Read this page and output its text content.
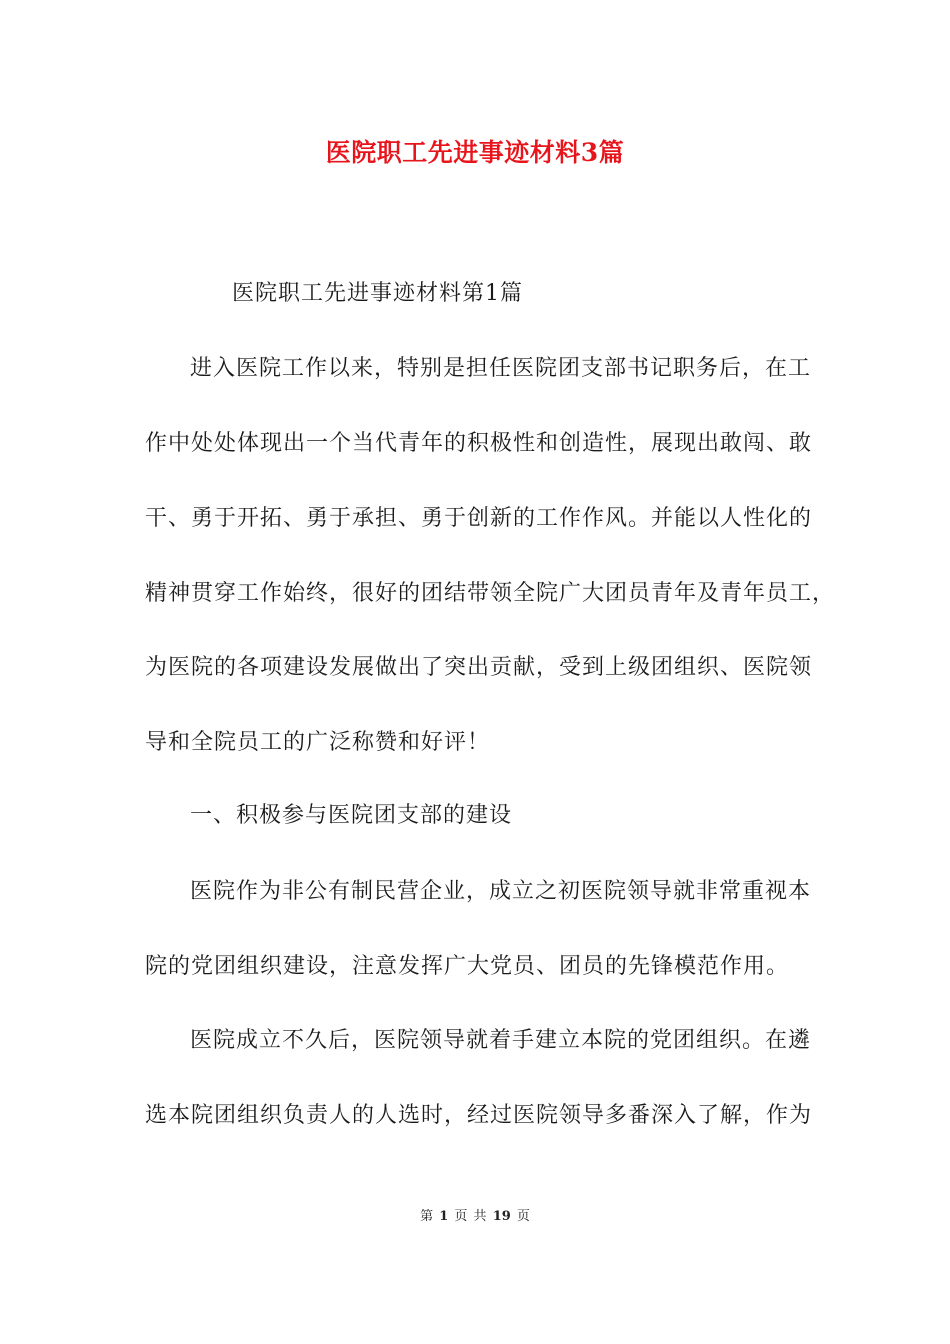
医院职工先进事迹材料3篇
医院职工先进事迹材料第1篇
进入医院工作以来，特别是担任医院团支部书记职务后，在工
作中处处体现出一个当代青年的积极性和创造性，展现出敢闯、敢
干、勇于开拓、勇于承担、勇于创新的工作作风。并能以人性化的
精神贯穿工作始终，很好的团结带领全院广大团员青年及青年员工，
为医院的各项建设发展做出了突出贡献，受到上级团组织、医院领
导和全院员工的广泛称赞和好评！
一、积极参与医院团支部的建设
医院作为非公有制民营企业，成立之初医院领导就非常重视本
院的党团组织建设，注意发挥广大党员、团员的先锋模范作用。
医院成立不久后，医院领导就着手建立本院的党团组织。在遴
选本院团组织负责人的人选时，经过医院领导多番深入了解，作为
第 1 页 共 19 页
